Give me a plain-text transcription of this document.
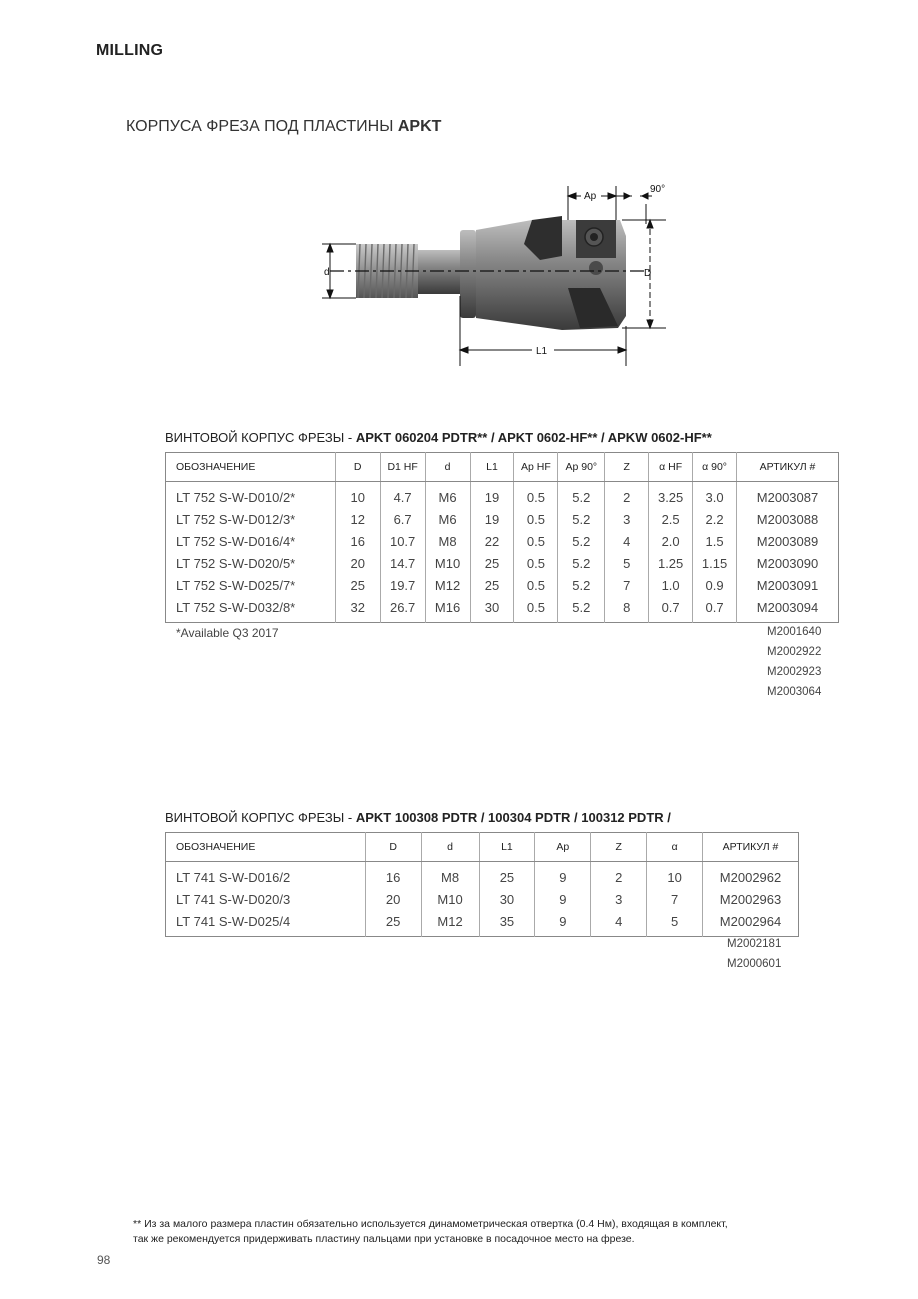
MILLING
КОРПУСА ФРЕЗА ПОД ПЛАСТИНЫ APKT
d	D
L1
Ap
90°
ВИНТОВОЙ КОРПУС ФРЕЗЫ - APKT 060204 PDTR** / APKT 0602-HF** / APKW 0602-HF**
ОБОЗНАЧЕНИЕ	D	D1 HF	d	L1	Ap HF	Ap 90°	Z	α HF	α 90°	АРТИКУЛ #
LT 752 S-W-D010/2*	10	4.7	M6	19	0.5	5.2	2	3.25	3.0	M2003087
LT 752 S-W-D012/3*	12	6.7	M6	19	0.5	5.2	3	2.5	2.2	M2003088
LT 752 S-W-D016/4*	16	10.7	M8	22	0.5	5.2	4	2.0	1.5	M2003089
LT 752 S-W-D020/5*	20	14.7	M10	25	0.5	5.2	5	1.25	1.15	M2003090
LT 752 S-W-D025/7*	25	19.7	M12	25	0.5	5.2	7	1.0	0.9	M2003091
LT 752 S-W-D032/8*	32	26.7	M16	30	0.5	5.2	8	0.7	0.7	M2003094
*Available Q3 2017	M2001640
M2002922
M2002923
M2003064
ВИНТОВОЙ КОРПУС ФРЕЗЫ - APKT 100308 PDTR / 100304 PDTR / 100312 PDTR /
ОБОЗНАЧЕНИЕ	D	d	L1	Ap	Z	α	АРТИКУЛ #
LT 741 S-W-D016/2	16	M8	25	9	2	10	M2002962
LT 741 S-W-D020/3	20	M10	30	9	3	7	M2002963
LT 741 S-W-D025/4	25	M12	35	9	4	5	M2002964
M2002181
M2000601
** Из за малого размера пластин обязательно используется динамометрическая отвертка (0.4 Нм), входящая в комплект,
так же рекомендуется придерживать пластину пальцами при установке в посадочное место на фрезе.
98
